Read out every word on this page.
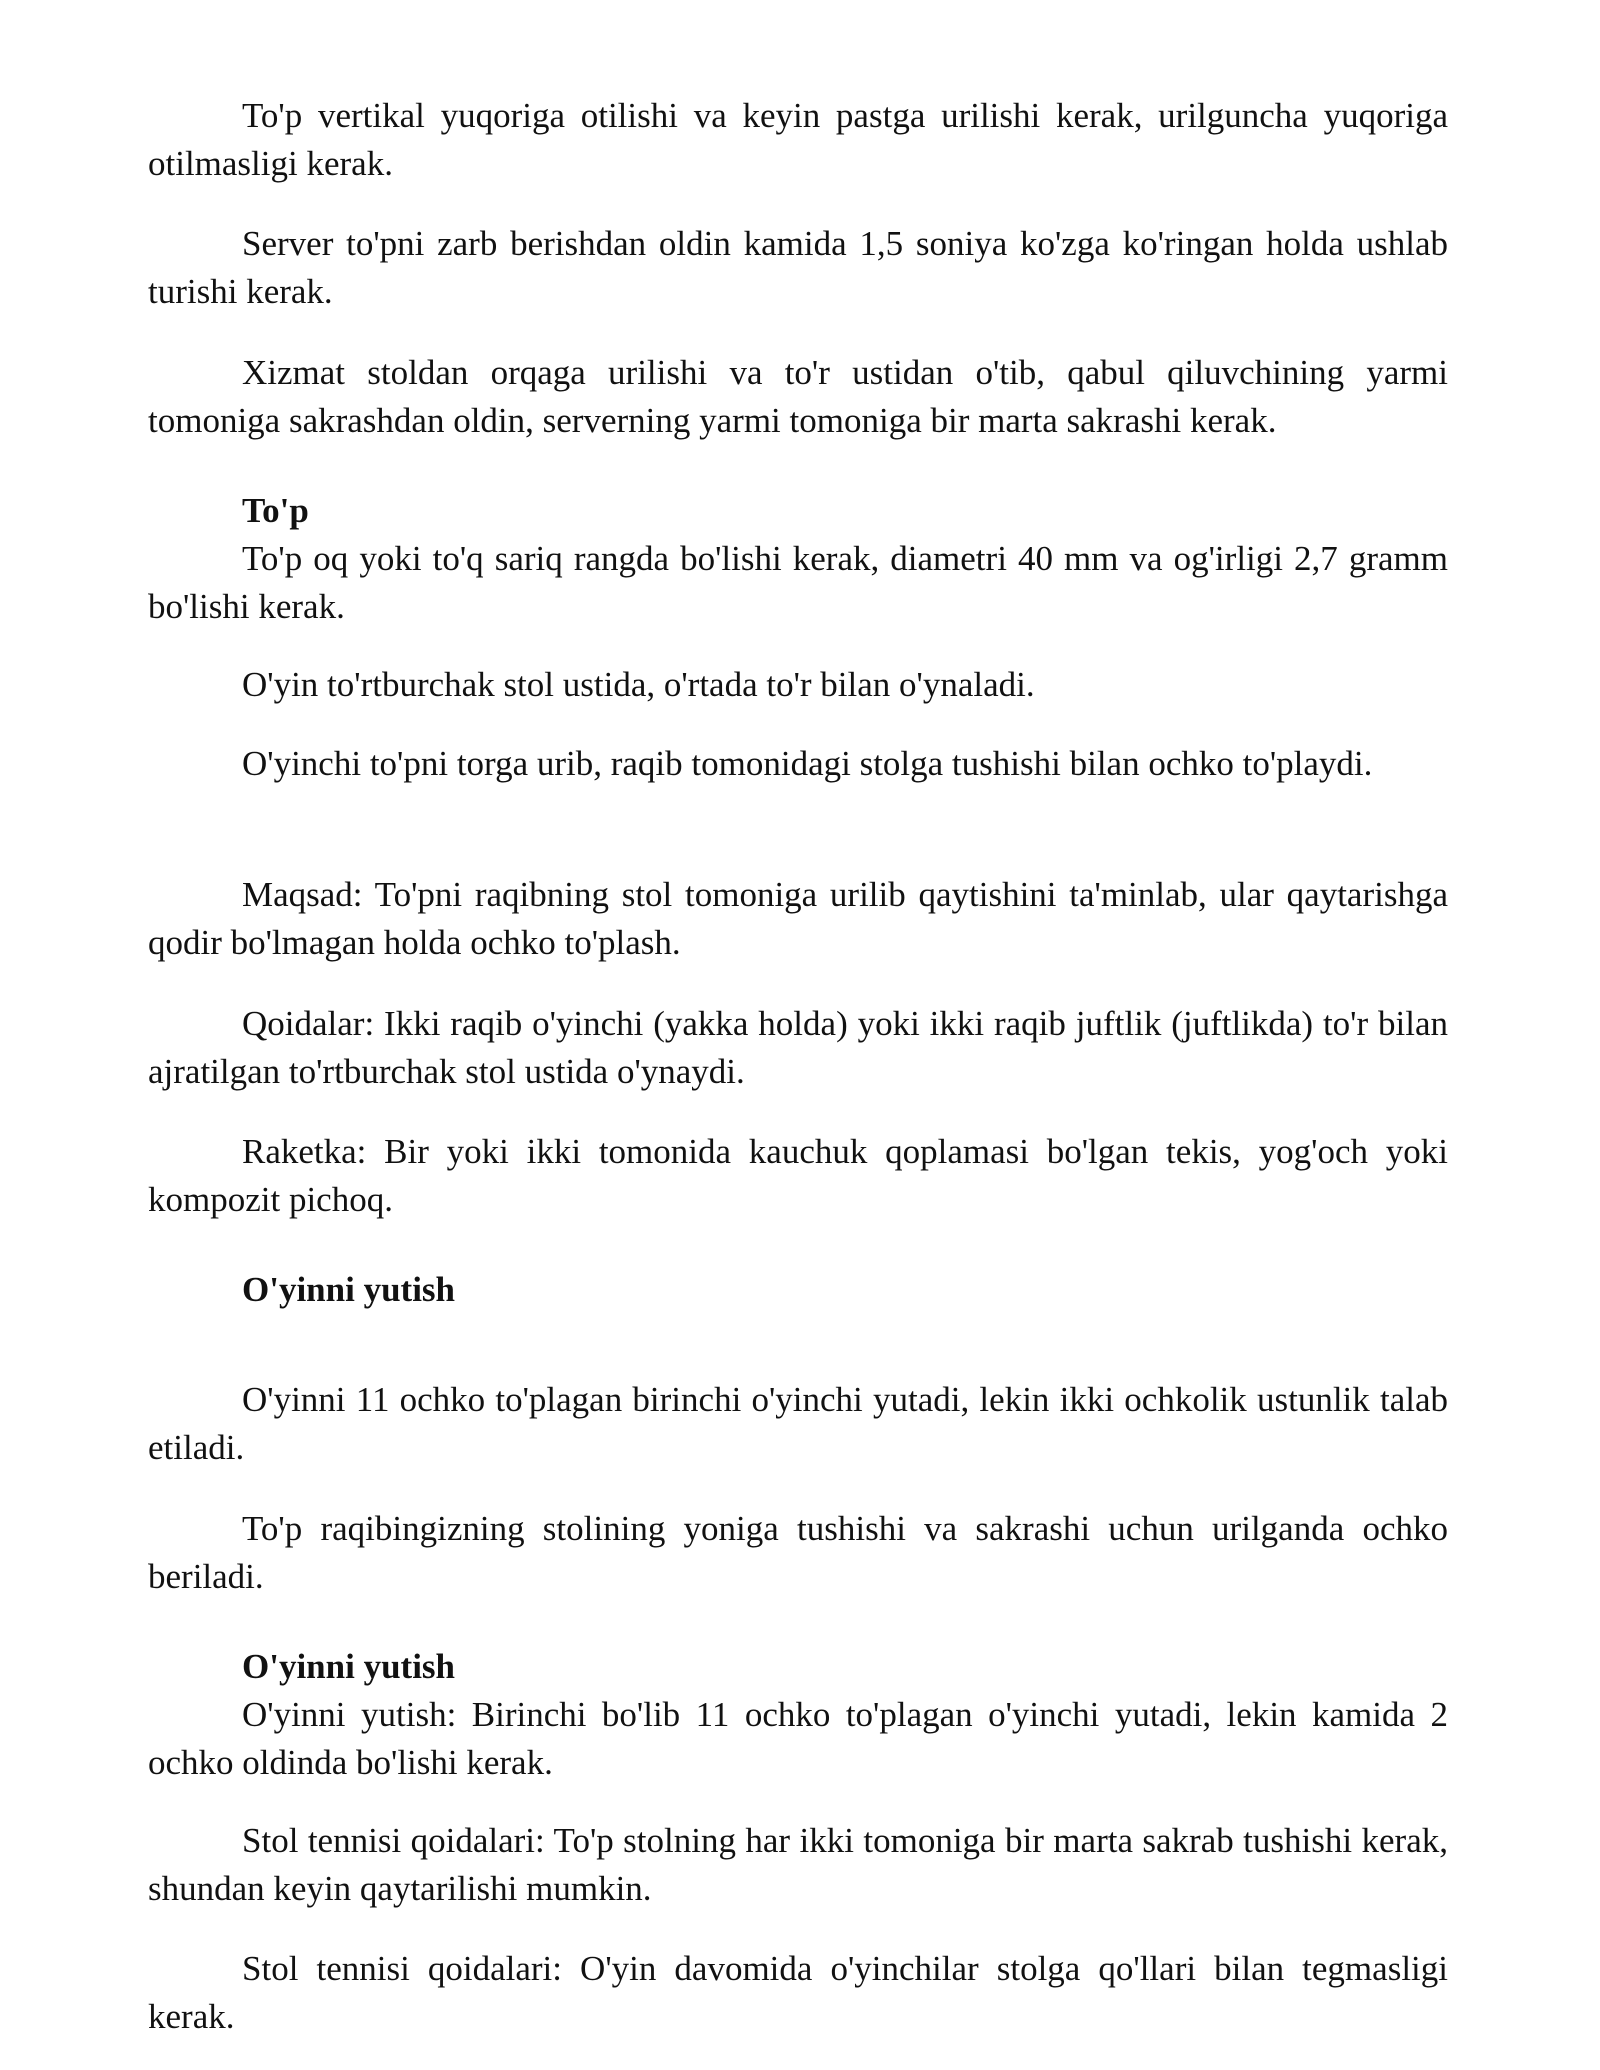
To'p vertikal yuqoriga otilishi va keyin pastga urilishi kerak, urilguncha yuqoriga otilmasligi kerak.

Server to'pni zarb berishdan oldin kamida 1,5 soniya ko'zga ko'ringan holda ushlab turishi kerak.

Xizmat stoldan orqaga urilishi va to'r ustidan o'tib, qabul qiluvchining yarmi tomoniga sakrashdan oldin, serverning yarmi tomoniga bir marta sakrashi kerak.

To'p
To'p oq yoki to'q sariq rangda bo'lishi kerak, diametri 40 mm va og'irligi 2,7 gramm bo'lishi kerak.

O'yin to'rtburchak stol ustida, o'rtada to'r bilan o'ynaladi.

O'yinchi to'pni torga urib, raqib tomonidagi stolga tushishi bilan ochko to'playdi.

Maqsad: To'pni raqibning stol tomoniga urilib qaytishini ta'minlab, ular qaytarishga qodir bo'lmagan holda ochko to'plash.

Qoidalar: Ikki raqib o'yinchi (yakka holda) yoki ikki raqib juftlik (juftlikda) to'r bilan ajratilgan to'rtburchak stol ustida o'ynaydi.

Raketka: Bir yoki ikki tomonida kauchuk qoplamasi bo'lgan tekis, yog'och yoki kompozit pichoq.

O'yinni yutish

O'yinni 11 ochko to'plagan birinchi o'yinchi yutadi, lekin ikki ochkolik ustunlik talab etiladi.

To'p raqibingizning stolining yoniga tushishi va sakrashi uchun urilganda ochko beriladi.

O'yinni yutish
O'yinni yutish: Birinchi bo'lib 11 ochko to'plagan o'yinchi yutadi, lekin kamida 2 ochko oldinda bo'lishi kerak.

Stol tennisi qoidalari: To'p stolning har ikki tomoniga bir marta sakrab tushishi kerak, shundan keyin qaytarilishi mumkin.

Stol tennisi qoidalari: O'yin davomida o'yinchilar stolga qo'llari bilan tegmasligi kerak.
